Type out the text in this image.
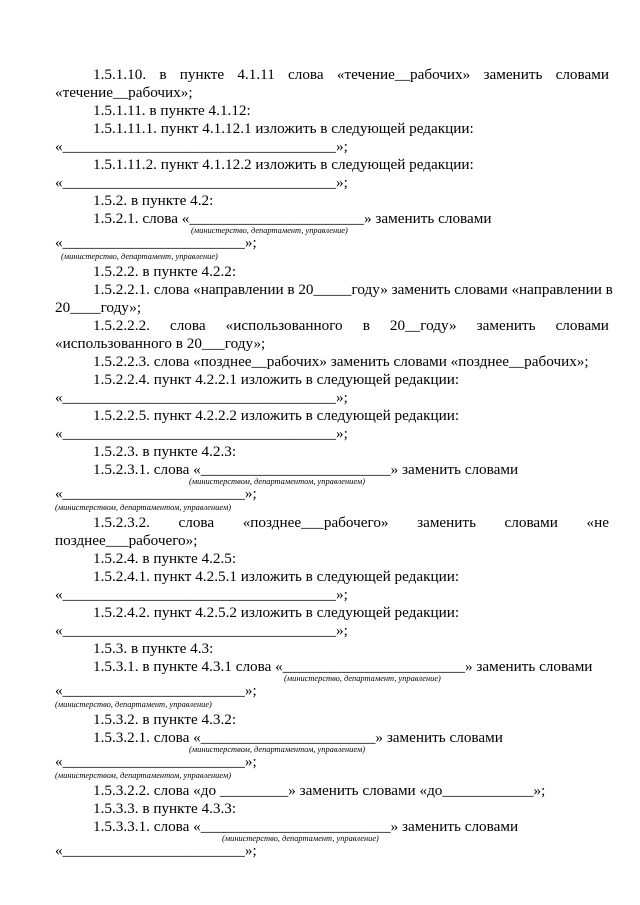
1.5.1.10. в пункте 4.1.11 слова «течение__рабочих» заменить словами
«течение__рабочих»;
1.5.1.11. в пункте 4.1.12:
1.5.1.11.1. пункт 4.1.12.1 изложить в следующей редакции:
«____________________________________»;
1.5.1.11.2. пункт 4.1.12.2 изложить в следующей редакции:
«____________________________________»;
1.5.2. в пункте 4.2:
1.5.2.1. слова «_______________________» заменить словами
(министерство, департамент, управление)
«________________________»;
(министерство, департамент, управление)
1.5.2.2. в пункте 4.2.2:
1.5.2.2.1. слова «направлении в 20_____году» заменить словами «направлении в
20____году»;
1.5.2.2.2. слова «использованного в 20__году» заменить словами
«использованного в 20___году»;
1.5.2.2.3. слова «позднее__рабочих» заменить словами «позднее__рабочих»;
1.5.2.2.4. пункт 4.2.2.1 изложить в следующей редакции:
«____________________________________»;
1.5.2.2.5. пункт 4.2.2.2 изложить в следующей редакции:
«____________________________________»;
1.5.2.3. в пункте 4.2.3:
1.5.2.3.1. слова «_________________________» заменить словами
(министерством, департаментом, управлением)
«________________________»;
(министерством, департаментом, управлением)
1.5.2.3.2. слова «позднее___рабочего» заменить словами «не
позднее___рабочего»;
1.5.2.4. в пункте 4.2.5:
1.5.2.4.1. пункт 4.2.5.1 изложить в следующей редакции:
«____________________________________»;
1.5.2.4.2. пункт 4.2.5.2 изложить в следующей редакции:
«____________________________________»;
1.5.3. в пункте 4.3:
1.5.3.1. в пункте 4.3.1 слова «________________________» заменить словами
(министерство, департамент, управление)
«________________________»;
(министерство, департамент, управление)
1.5.3.2. в пункте 4.3.2:
1.5.3.2.1. слова «_______________________» заменить словами
(министерством, департаментом, управлением)
«________________________»;
(министерством, департаментом, управлением)
1.5.3.2.2. слова «до _________» заменить словами «до____________»;
1.5.3.3. в пункте 4.3.3:
1.5.3.3.1. слова «_________________________» заменить словами
(министерство, департамент, управление)
«________________________»;
